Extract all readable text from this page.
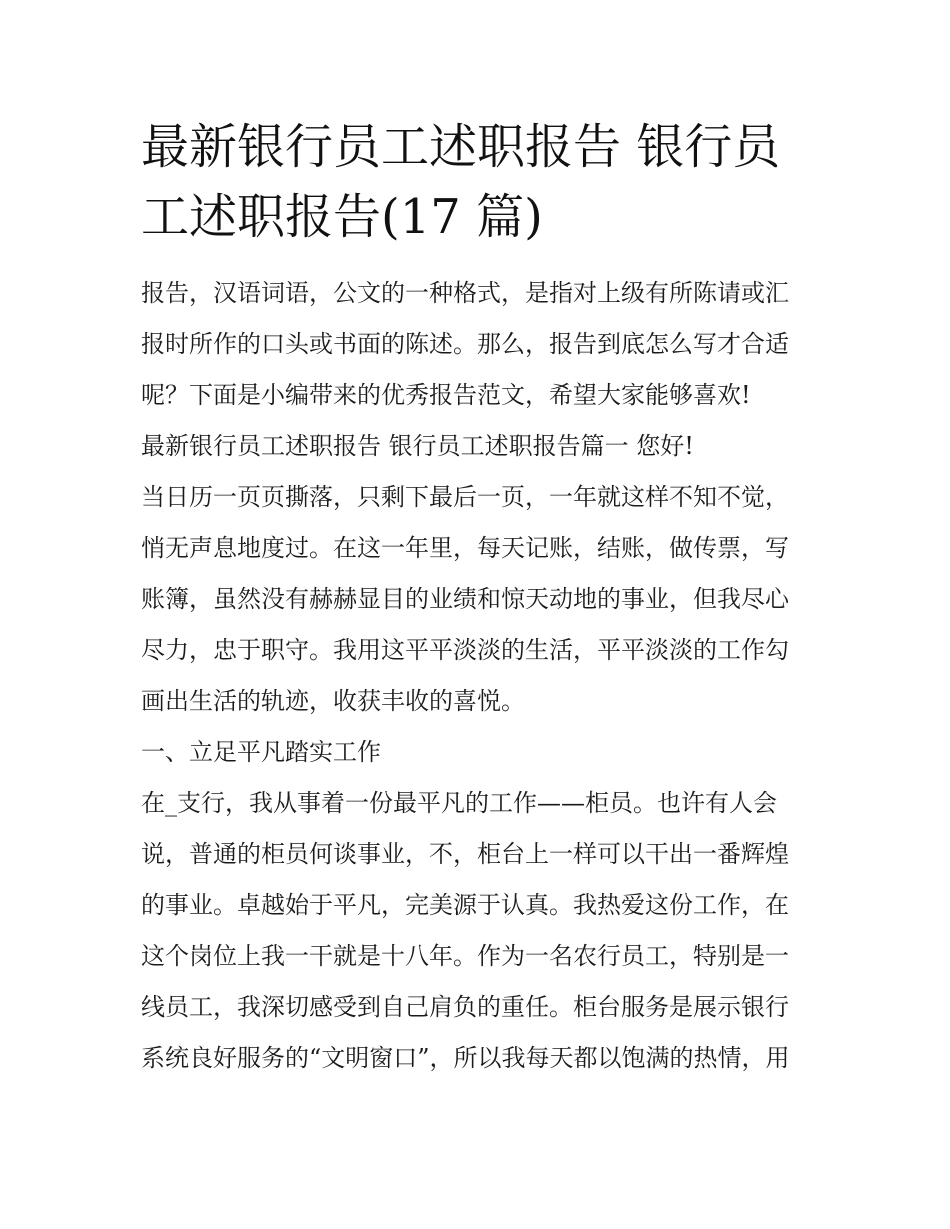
最新银行员工述职报告 银行员
工述职报告(17 篇)

报告，汉语词语，公文的一种格式，是指对上级有所陈请或汇
报时所作的口头或书面的陈述。那么，报告到底怎么写才合适
呢？下面是小编带来的优秀报告范文，希望大家能够喜欢!

最新银行员工述职报告 银行员工述职报告篇一 您好!

当日历一页页撕落，只剩下最后一页，一年就这样不知不觉，
悄无声息地度过。在这一年里，每天记账，结账，做传票，写
账簿，虽然没有赫赫显目的业绩和惊天动地的事业，但我尽心
尽力，忠于职守。我用这平平淡淡的生活，平平淡淡的工作勾
画出生活的轨迹，收获丰收的喜悦。

一、立足平凡踏实工作

在_支行，我从事着一份最平凡的工作——柜员。也许有人会
说，普通的柜员何谈事业，不，柜台上一样可以干出一番辉煌
的事业。卓越始于平凡，完美源于认真。我热爱这份工作，在
这个岗位上我一干就是十八年。作为一名农行员工，特别是一
线员工，我深切感受到自己肩负的重任。柜台服务是展示银行
系统良好服务的“文明窗口”，所以我每天都以饱满的热情，用
